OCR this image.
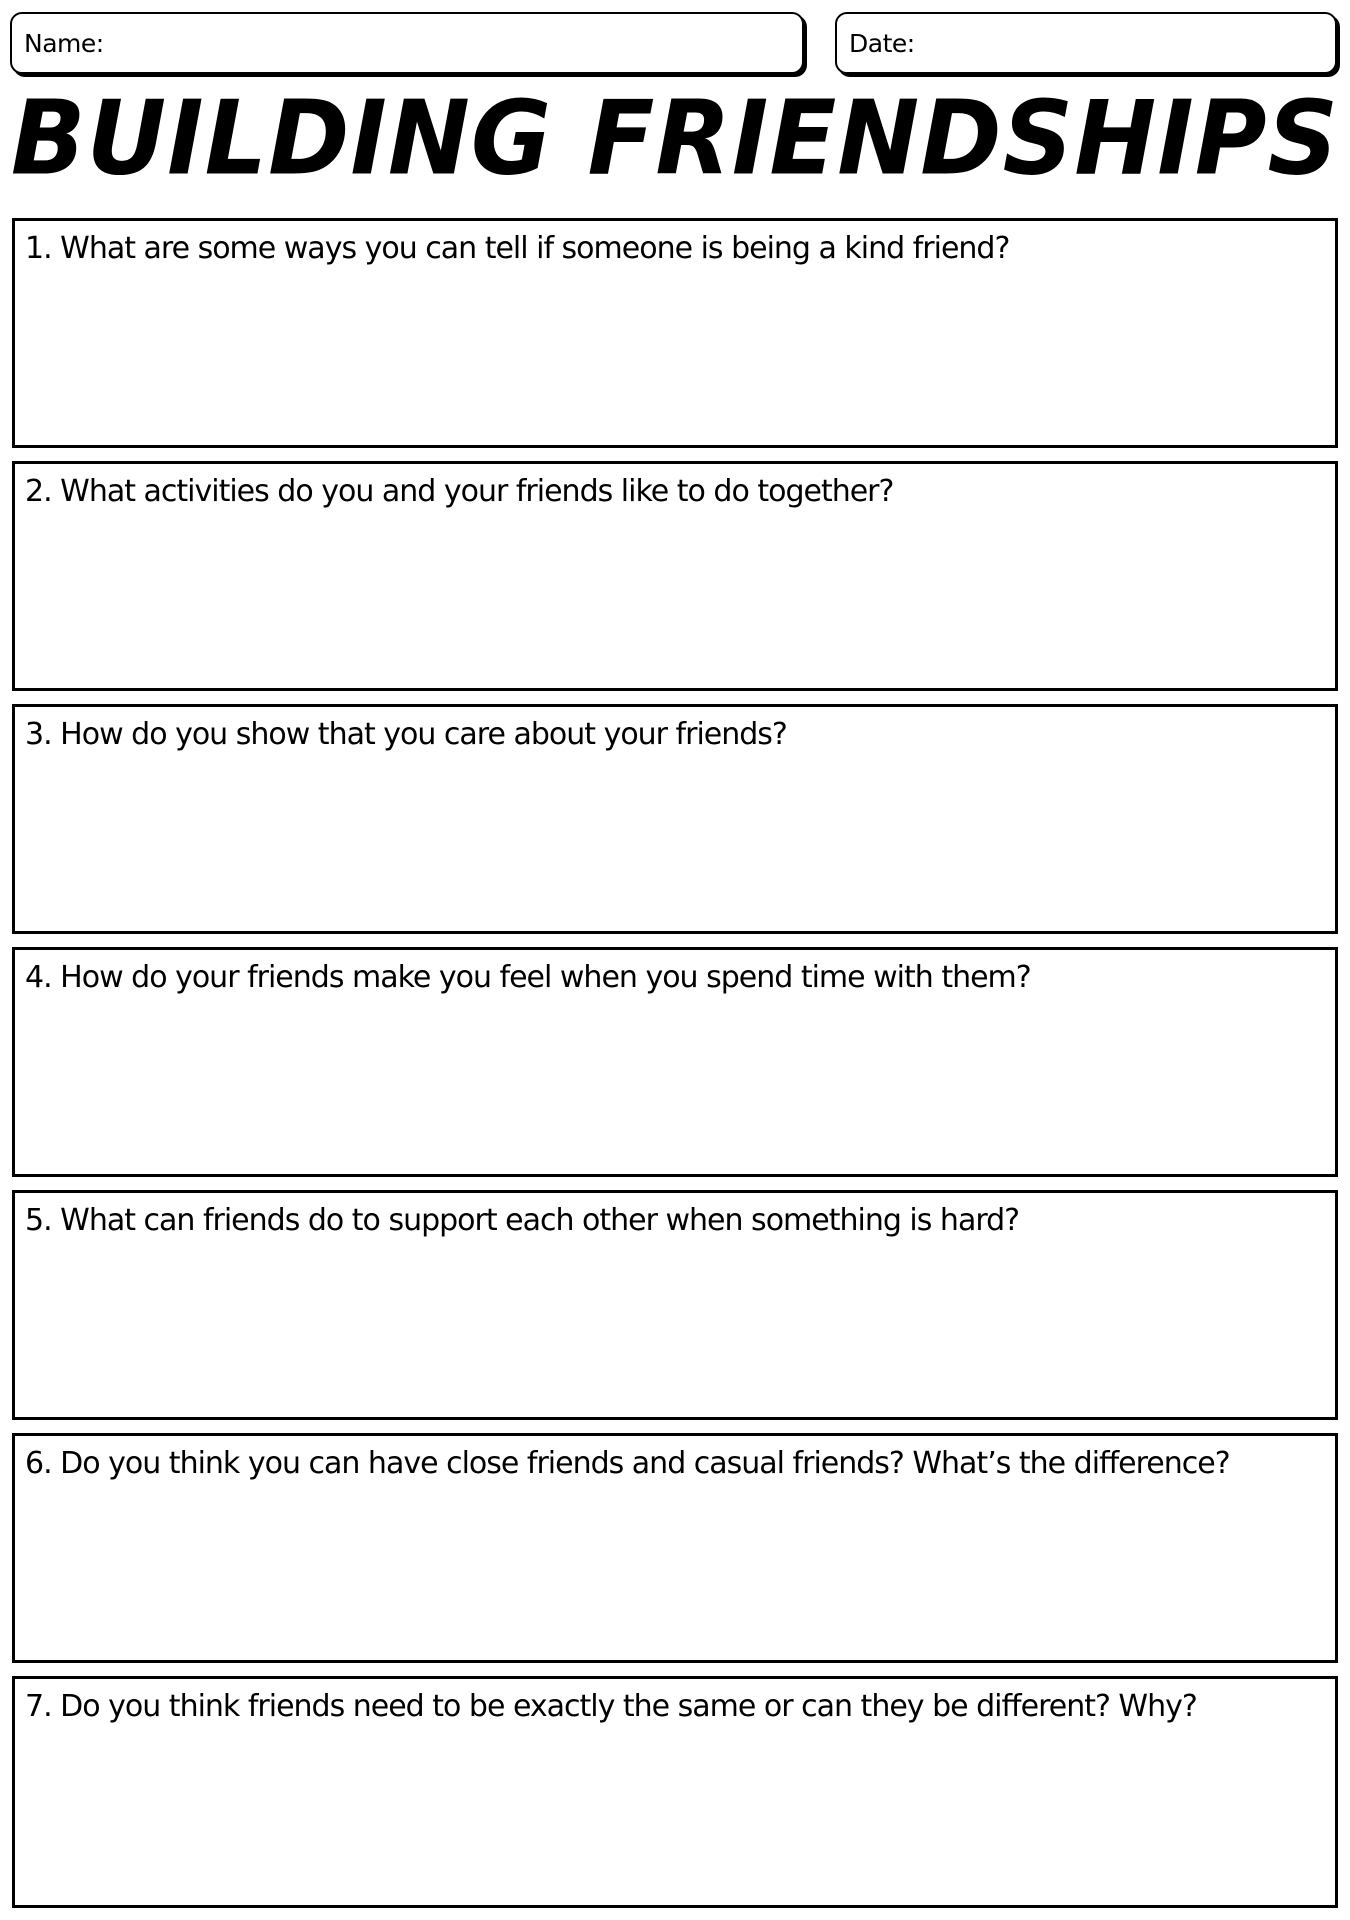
Name:	Date:
BUILDING FRIENDSHIPS
1. What are some ways you can tell if someone is being a kind friend?
2. What activities do you and your friends like to do together?
3. How do you show that you care about your friends?
4. How do your friends make you feel when you spend time with them?
5. What can friends do to support each other when something is hard?
6. Do you think you can have close friends and casual friends? What’s the difference?
7. Do you think friends need to be exactly the same or can they be different? Why?
